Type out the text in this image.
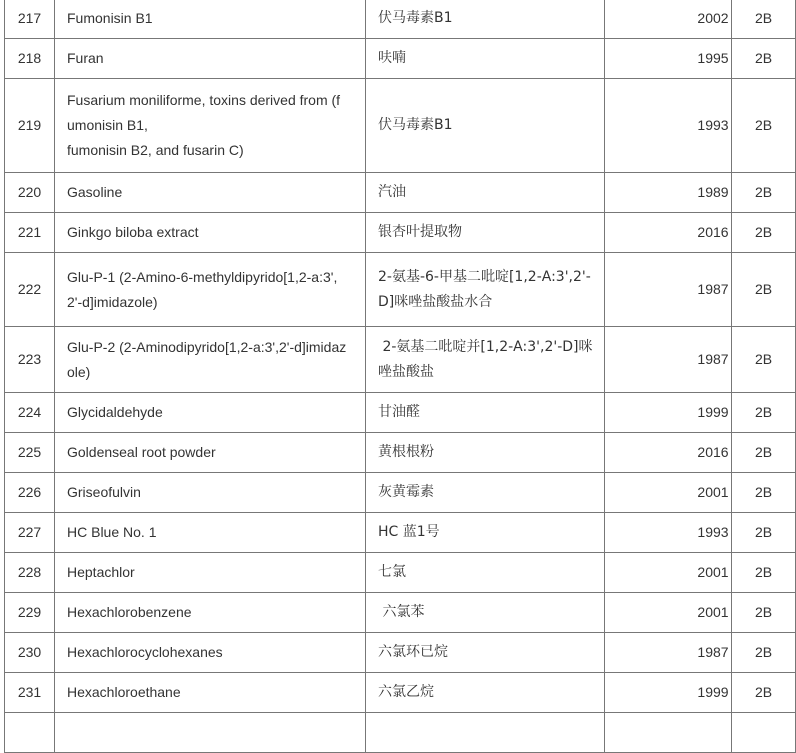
217	Fumonisin B1	伏马毒素B1	2002	2B
218	Furan	呋喃	1995	2B
219	Fusarium moniliforme, toxins derived from (f
umonisin B1,
fumonisin B2, and fusarin C)	伏马毒素B1	1993	2B
220	Gasoline	汽油	1989	2B
221	Ginkgo biloba extract	银杏叶提取物	2016	2B
222	Glu-P-1 (2-Amino-6-methyldipyrido[1,2-a:3',
2'-d]imidazole)	2-氨基-6-甲基二吡啶[1,2-A:3',2'-
D]咪唑盐酸盐水合	1987	2B
223	Glu-P-2 (2-Aminodipyrido[1,2-a:3',2'-d]imidaz
ole)	2-氨基二吡啶并[1,2-A:3',2'-D]咪
唑盐酸盐	1987	2B
224	Glycidaldehyde	甘油醛	1999	2B
225	Goldenseal root powder	黄根根粉	2016	2B
226	Griseofulvin	灰黄霉素	2001	2B
227	HC Blue No. 1	HC 蓝1号	1993	2B
228	Heptachlor	七氯	2001	2B
229	Hexachlorobenzene	六氯苯	2001	2B
230	Hexachlorocyclohexanes	六氯环已烷	1987	2B
231	Hexachloroethane	六氯乙烷	1999	2B
